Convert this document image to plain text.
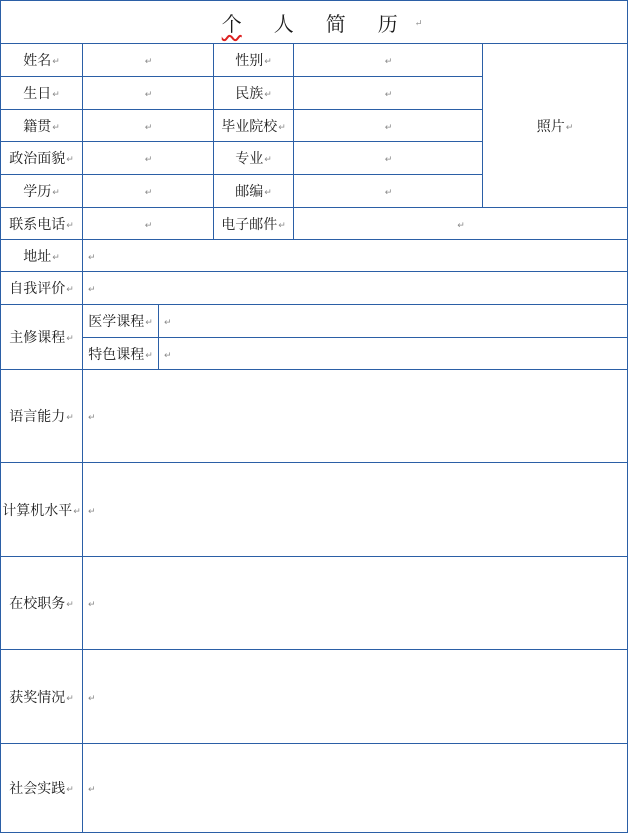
个	人	简	历	↵
姓名 ↵	↵	性别 ↵	↵
照片 ↵
生日 ↵	↵	民族 ↵	↵
籍贯 ↵	↵	毕业院校 ↵	↵
政治面貌 ↵	↵	专业 ↵	↵
学历 ↵	↵	邮编 ↵	↵
联系电话 ↵	↵	电子邮件 ↵	↵
地址 ↵	↵
自我评价 ↵ ↵
主修课程 ↵
医学课程 ↵ ↵
特色课程 ↵ ↵
语言能力 ↵ ↵
计算机水平 ↵ ↵
在校职务 ↵ ↵
获奖情况 ↵ ↵
社会实践 ↵ ↵
